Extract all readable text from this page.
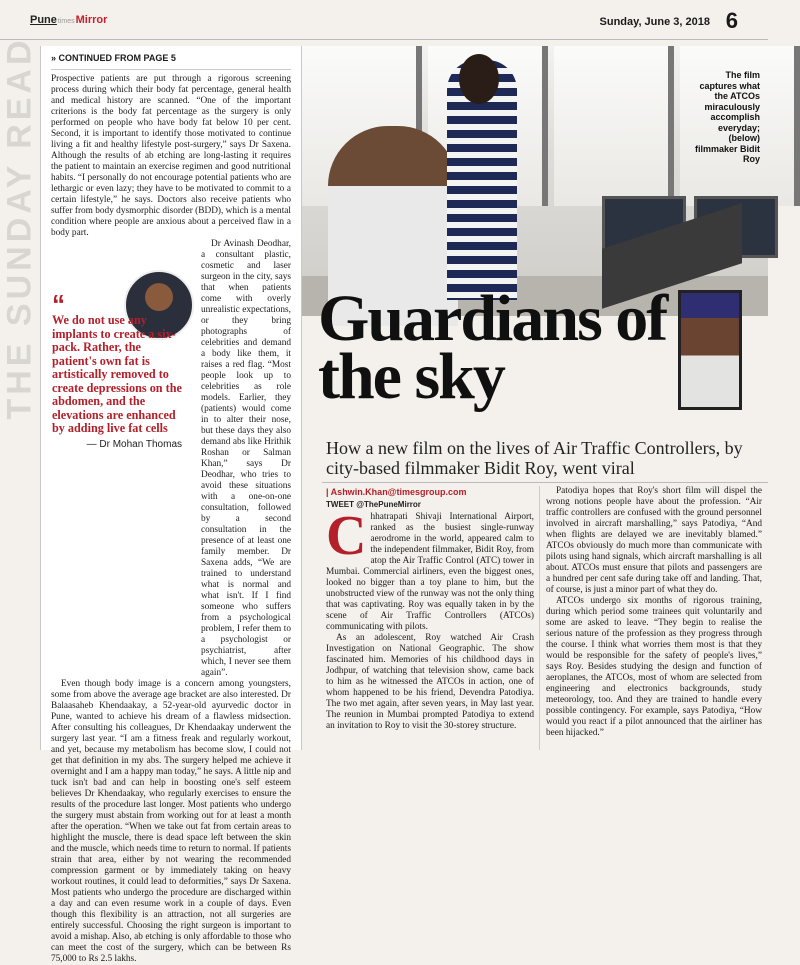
PunetimesMirror	Sunday, June 3, 2018 6
THE SUNDAY READ » CONTINUED FROM PAGE 5

Prospective patients are put through a rigorous screening process during which their body fat percentage, general health and medical history are scanned. “One of the important criterions is the body fat percentage as the surgery is only performed on people who have body fat below 10 per cent. Second, it is important to identify those motivated to continue living a fit and healthy lifestyle post-surgery,” says Dr Saxena. Although the results of ab etching are long-lasting it requires the patient to maintain an exercise regimen and good nutritional habits. “I personally do not encourage potential patients who are lethargic or even lazy; they have to be motivated to commit to a certain lifestyle,” he says. Doctors also receive patients who suffer from body dysmorphic disorder (BDD), which is a mental condition where people are anxious about a perceived flaw in a body part.

Dr Avinash Deodhar, a consultant plastic, cosmetic and laser surgeon in the city, says that when patients come with overly unrealistic expectations, or they bring photographs of celebrities and demand a body like them, it raises a red flag. “Most people look up to celebrities as role models. Earlier, they (patients) would come in to alter their nose, but these days they also demand abs like Hrithik Roshan or Salman Khan,” says Dr Deodhar, who tries to avoid these situations with a one-on-one consultation, followed by a second consultation in the presence of at least one family member. Dr Saxena adds, “We are trained to understand what is normal and what isn't. If I find someone who suffers from a psychological problem, I refer them to a psychologist or psychiatrist, after which, I never see them again”.

Even though body image is a concern among youngsters, some from above the average age bracket are also interested. Dr Balaasaheb Khendaakay, a 52-year-old ayurvedic doctor in Pune, wanted to achieve his dream of a flawless midsection. After consulting his colleagues, Dr Khendaakay underwent the surgery last year. “I am a fitness freak and regularly workout, and yet, because my metabolism has become slow, I could not get that definition in my abs. The surgery helped me achieve it overnight and I am a happy man today,” he says. A little nip and tuck isn't bad and can help in boosting one's self esteem believes Dr Khendaakay, who regularly exercises to ensure the results of the procedure last longer. Most patients who undergo the surgery must abstain from working out for at least a month after the operation. “When we take out fat from certain areas to highlight the muscle, there is dead space left between the skin and the muscle, which needs time to return to normal. If patients strain that area, either by not wearing the recommended compression garment or by immediately taking on heavy workout routines, it could lead to deformities,” says Dr Saxena. Most patients who undergo the procedure are discharged within a day and can even resume work in a couple of days. Even though this flexibility is an attraction, not all surgeries are entirely successful. Choosing the right surgeon is important to avoid a mishap. Also, ab etching is only affordable to those who can meet the cost of the surgery, which can be between Rs 75,000 to Rs 2.5 lakhs.

“
We do not use any implants to create a six-pack. Rather, the patient's own fat is artistically removed to create depressions on the abdomen, and the elevations are enhanced by adding live fat cells
— Dr Mohan Thomas
The film captures what the ATCOs miraculously accomplish everyday; (below) filmmaker Bidit Roy
Guardians of the sky
How a new film on the lives of Air Traffic Controllers, by city-based filmmaker Bidit Roy, went viral
| Ashwin.Khan@timesgroup.com
TWEET @ThePuneMirror
C hhatrapati Shivaji International Airport, ranked as the busiest single-runway aerodrome in the world, appeared calm to the independent filmmaker, Bidit Roy, from atop the Air Traffic Control (ATC) tower in Mumbai. Commercial airliners, even the biggest ones, looked no bigger than a toy plane to him, but the unobstructed view of the runway was not the only thing that was captivating. Roy was equally taken in by the scene of Air Traffic Controllers (ATCOs) communicating with pilots.

As an adolescent, Roy watched Air Crash Investigation on National Geographic. The show fascinated him. Memories of his childhood days in Jodhpur, of watching that television show, came back to him as he witnessed the ATCOs in action, one of whom happened to be his friend, Devendra Patodiya. The two met again, after seven years, in May last year. The reunion in Mumbai prompted Patodiya to extend an invitation to Roy to visit the 30-storey structure.

Patodiya hopes that Roy's short film will dispel the wrong notions people have about the profession. “Air traffic controllers are confused with the ground personnel involved in aircraft marshalling,” says Patodiya, “And when flights are delayed we are inevitably blamed.” ATCOs obviously do much more than communicate with pilots using hand signals, which aircraft marshalling is all about. ATCOs must ensure that pilots and passengers are a hundred per cent safe during take off and landing. That, of course, is just a minor part of what they do.

ATCOs undergo six months of rigorous training, during which period some trainees quit voluntarily and some are asked to leave. “They begin to realise the serious nature of the profession as they progress through the course. I think what worries them most is that they would be responsible for the safety of people's lives,” says Roy. Besides studying the design and function of aeroplanes, the ATCOs, most of whom are selected from engineering and electronics backgrounds, study meteorology, too. And they are trained to handle every possible contingency. For example, says Patodiya, “How would you react if a pilot announced that the airliner has been hijacked.”
